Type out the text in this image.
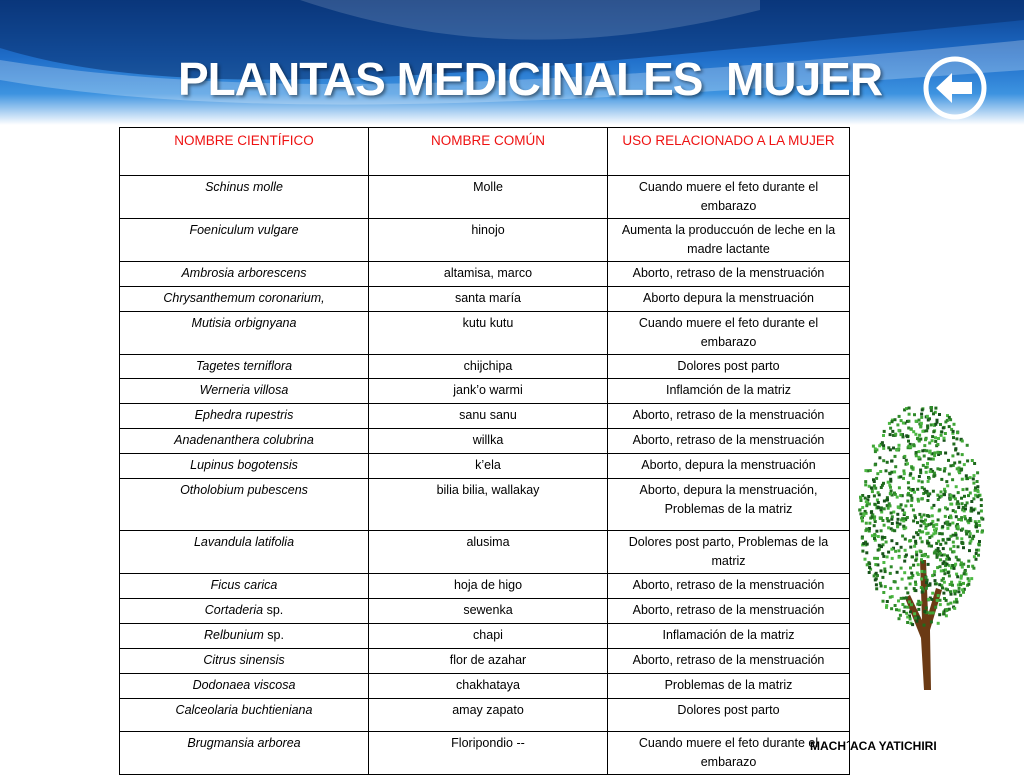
PLANTAS MEDICINALES  MUJER
NOMBRE CIENTÍFICO	NOMBRE COMÚN	USO RELACIONADO A LA MUJER
Schinus molle	Molle	Cuando muere el feto durante el embarazo
Foeniculum vulgare	hinojo	Aumenta la produccuón de leche en la madre lactante
Ambrosia arborescens	altamisa, marco	Aborto, retraso de la menstruación
Chrysanthemum coronarium,	santa maría	Aborto depura la menstruación
Mutisia orbignyana	kutu kutu	Cuando muere el feto durante el embarazo
Tagetes terniflora	chijchipa	Dolores post parto
Werneria villosa	jank’o warmi	Inflamción de la matriz
Ephedra rupestris	sanu sanu	Aborto, retraso de la menstruación
Anadenanthera colubrina	willka	Aborto, retraso de la menstruación
Lupinus bogotensis	k’ela	Aborto, depura la menstruación
Otholobium pubescens	bilia bilia, wallakay	Aborto, depura la menstruación, Problemas de la matriz
Lavandula latifolia	alusima	Dolores post parto, Problemas de la matriz
Ficus carica	hoja de higo	Aborto, retraso de la menstruación
Cortaderia sp.	sewenka	Aborto, retraso de la menstruación
Relbunium sp.	chapi	Inflamación de la matriz
Citrus sinensis	flor de azahar	Aborto, retraso de la menstruación
Dodonaea viscosa	chakhataya	Problemas de la matriz
Calceolaria buchtieniana	amay zapato	Dolores post parto
Brugmansia arborea	Floripondio --	Cuando muere el feto durante el embarazo
MACH´ACA YATICHIRI
